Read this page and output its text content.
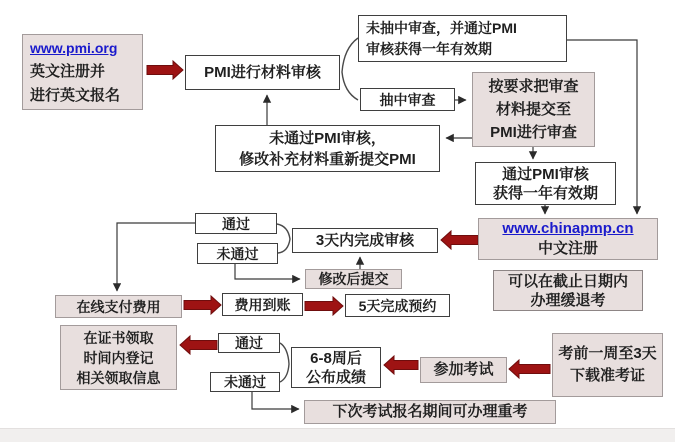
www.pmi.org
英文注册并
进行英文报名
PMI进行材料审核
未抽中审查，并通过PMI
审核获得一年有效期
抽中审查
按要求把审查
材料提交至
PMI进行审查
未通过PMI审核，
修改补充材料重新提交PMI
通过PMI审核
获得一年有效期
www.chinapmp.cn
中文注册
可以在截止日期内
办理缓退考
3天内完成审核
通过
未通过
修改后提交
在线支付费用	费用到账	5天完成预约
在证书领取
时间内登记
相关领取信息
通过
未通过
6-8周后
公布成绩	参加考试
考前一周至3天
下载准考证
下次考试报名期间可办理重考
